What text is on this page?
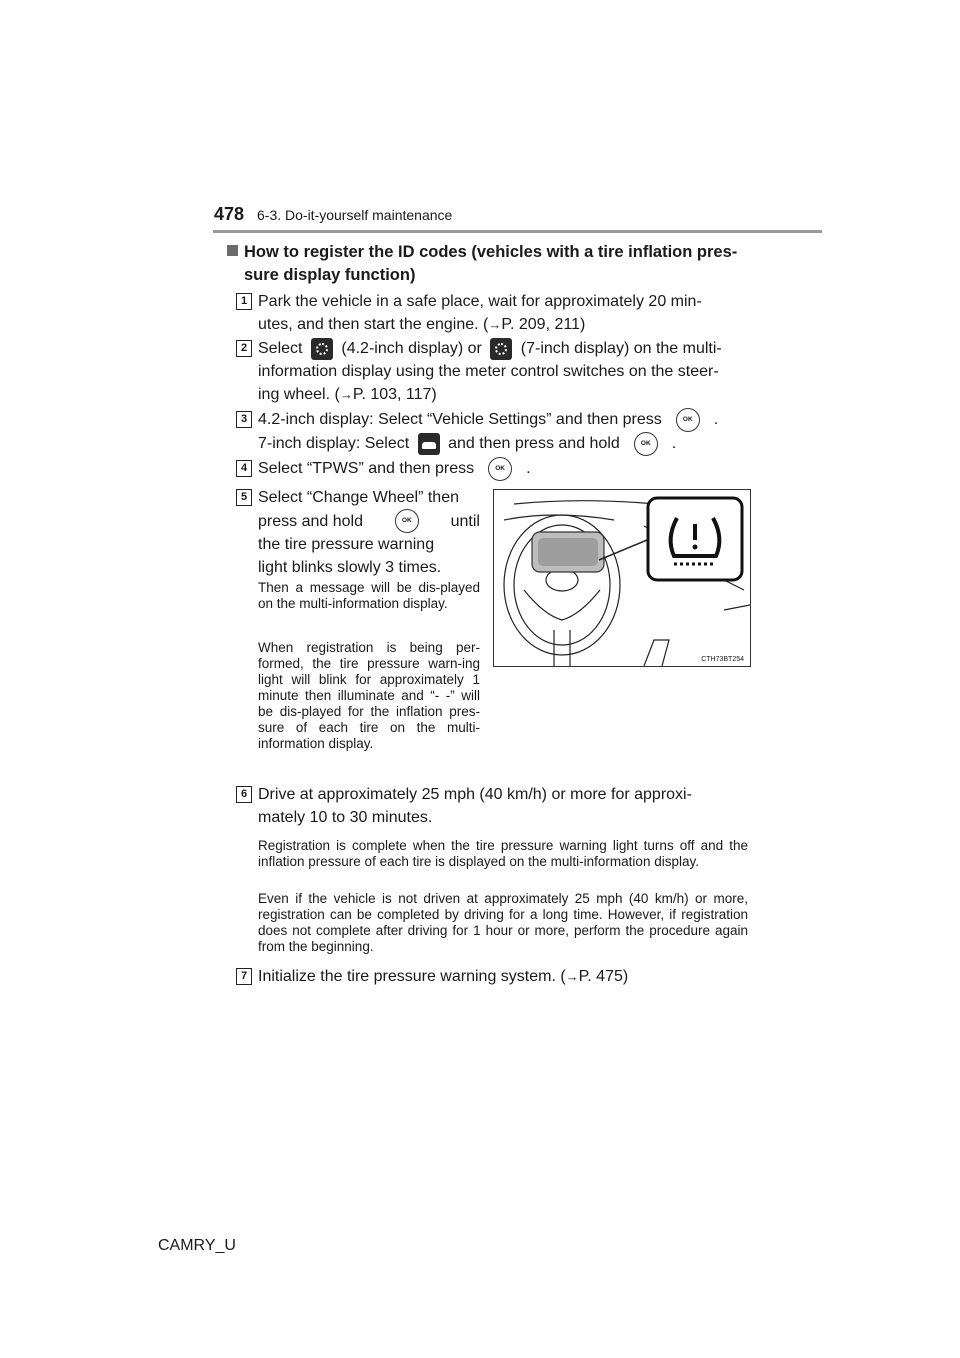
478 6-3. Do-it-yourself maintenance
How to register the ID codes (vehicles with a tire inflation pres-
sure display function)
1 Park the vehicle in a safe place, wait for approximately 20 min-
utes, and then start the engine. (→P. 209, 211)
2 Select (4.2-inch display) or (7-inch display) on the multi-
information display using the meter control switches on the steer-
ing wheel. (→P. 103, 117)
3 4.2-inch display: Select “Vehicle Settings” and then press	OK .
7-inch display: Select and then press and hold	OK .
4 Select “TPWS” and then press	OK .
5 Select “Change Wheel” then
press and hold	OK	until
the tire pressure warning
light blinks slowly 3 times.
Then a message will be dis-played on the multi-information display.
When registration is being per-formed, the tire pressure warn-ing light will blink for approximately 1 minute then illuminate and “- -” will be dis-played for the inflation pres-sure of each tire on the multi-information display.
CTH73BT254
6 Drive at approximately 25 mph (40 km/h) or more for approxi-
mately 10 to 30 minutes.
Registration is complete when the tire pressure warning light turns off and the inflation pressure of each tire is displayed on the multi-information display.
Even if the vehicle is not driven at approximately 25 mph (40 km/h) or more, registration can be completed by driving for a long time. However, if registration does not complete after driving for 1 hour or more, perform the procedure again from the beginning.
7 Initialize the tire pressure warning system. (→P. 475)
CAMRY_U
